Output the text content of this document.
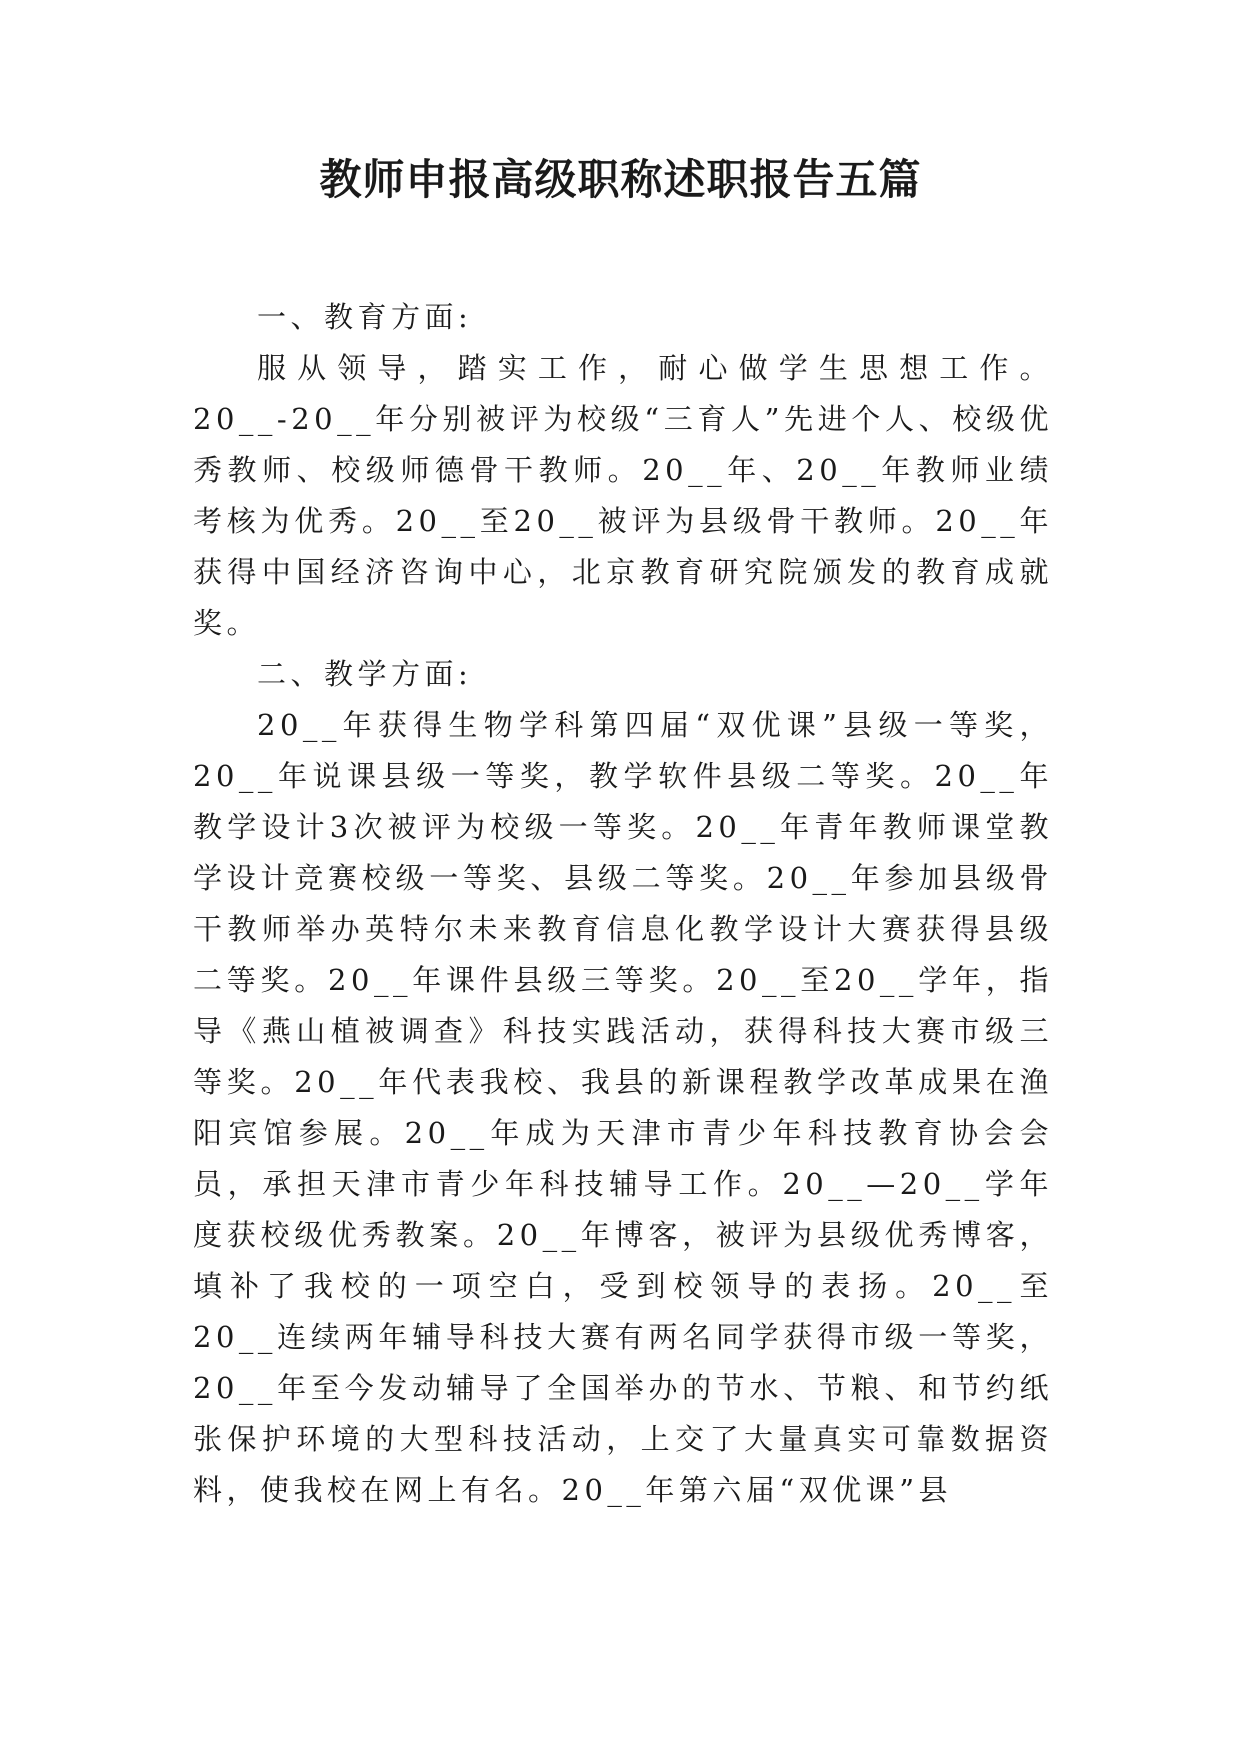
教师申报高级职称述职报告五篇

一、教育方面:

服从领导，踏实工作，耐心做学生思想工作。20__-20__年分别被评为校级“三育人”先进个人、校级优秀教师、校级师德骨干教师。20__年、20__年教师业绩考核为优秀。20__至20__被评为县级骨干教师。20__年获得中国经济咨询中心，北京教育研究院颁发的教育成就奖。

二、教学方面:

20__年获得生物学科第四届“双优课”县级一等奖，20__年说课县级一等奖，教学软件县级二等奖。20__年教学设计3次被评为校级一等奖。20__年青年教师课堂教学设计竞赛校级一等奖、县级二等奖。20__年参加县级骨干教师举办英特尔未来教育信息化教学设计大赛获得县级二等奖。20__年课件县级三等奖。20__至20__学年，指导《燕山植被调查》科技实践活动，获得科技大赛市级三等奖。20__年代表我校、我县的新课程教学改革成果在渔阳宾馆参展。20__年成为天津市青少年科技教育协会会员，承担天津市青少年科技辅导工作。20__—20__学年度获校级优秀教案。20__年博客，被评为县级优秀博客，填补了我校的一项空白，受到校领导的表扬。20__至20__连续两年辅导科技大赛有两名同学获得市级一等奖，20__年至今发动辅导了全国举办的节水、节粮、和节约纸张保护环境的大型科技活动，上交了大量真实可靠数据资料，使我校在网上有名。20__年第六届“双优课”县
